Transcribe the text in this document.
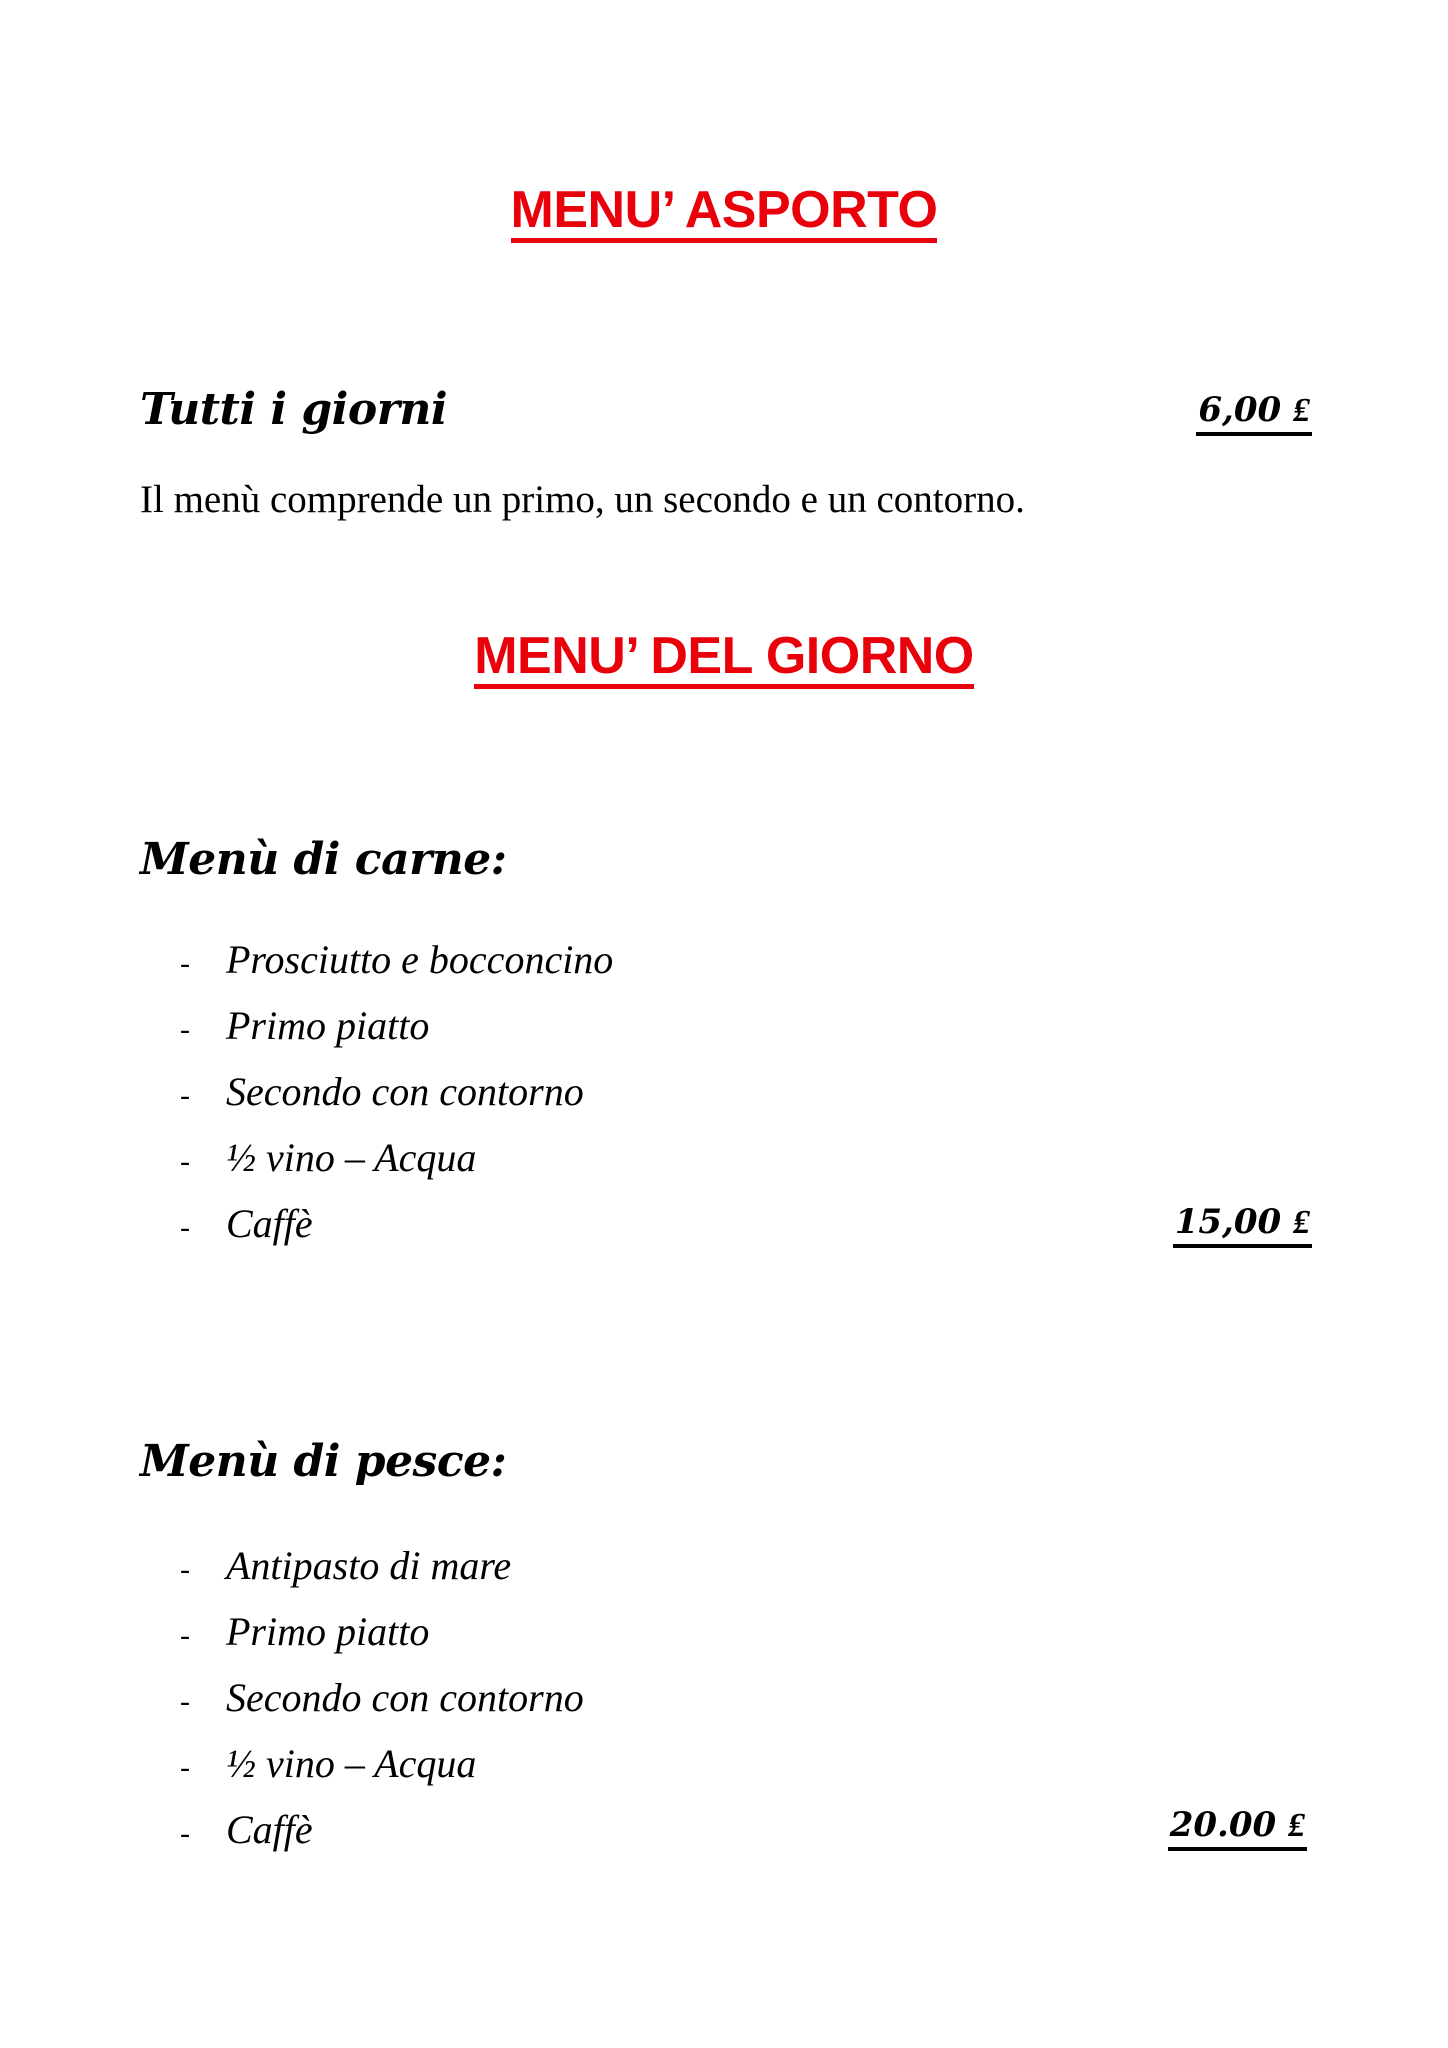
MENU’ ASPORTO
Tutti i giorni	6,00 ₤
Il menù comprende un primo, un secondo e un contorno.
MENU’ DEL GIORNO
Menù di carne:
- Prosciutto e bocconcino
- Primo piatto
- Secondo con contorno
- ½ vino – Acqua
- Caffè	15,00 ₤
Menù di pesce:
- Antipasto di mare
- Primo piatto
- Secondo con contorno
- ½ vino – Acqua
- Caffè	20.00 ₤
